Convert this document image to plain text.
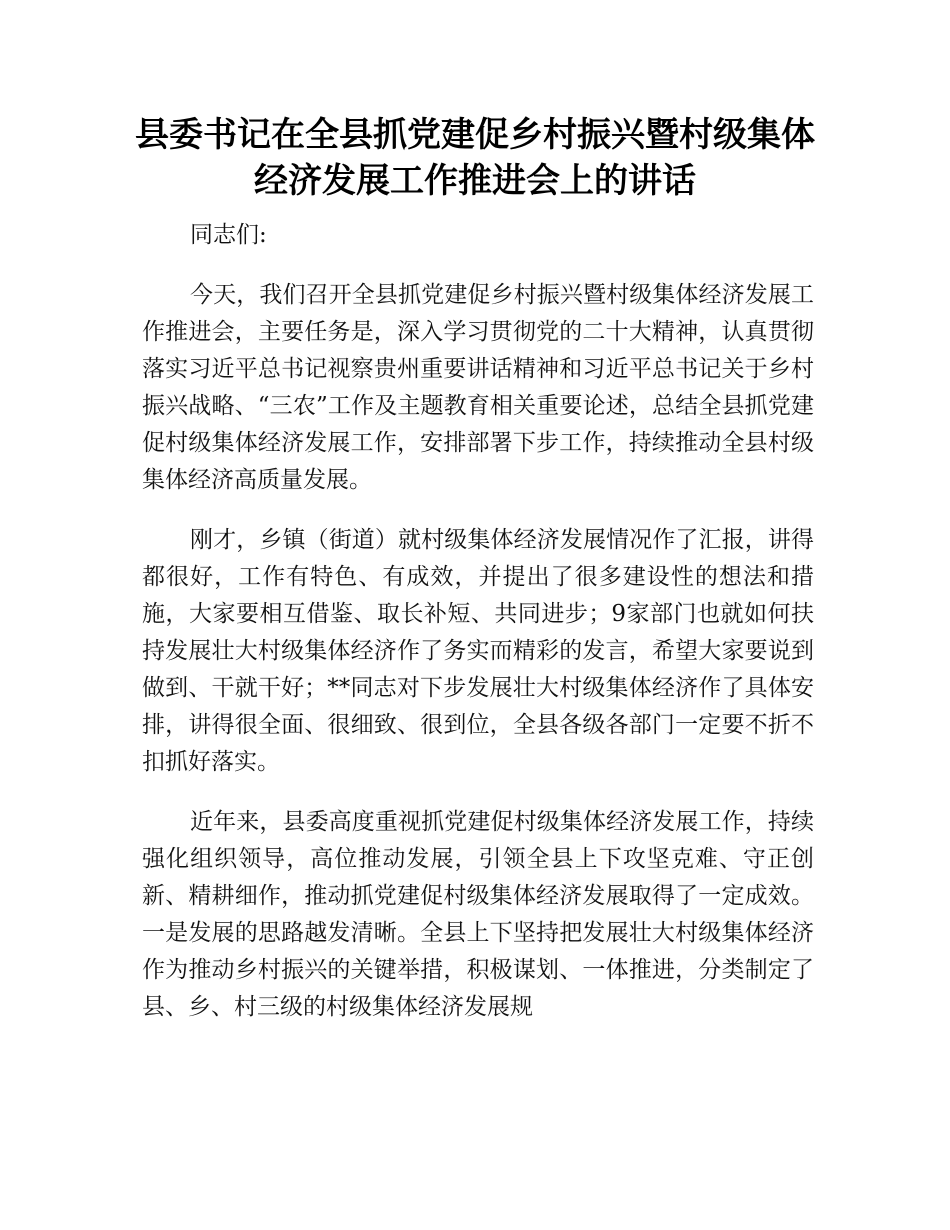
县委书记在全县抓党建促乡村振兴暨村级集体
经济发展工作推进会上的讲话

同志们:

今天，我们召开全县抓党建促乡村振兴暨村级集体经济发展工作推进会，主要任务是，深入学习贯彻党的二十大精神，认真贯彻落实习近平总书记视察贵州重要讲话精神和习近平总书记关于乡村振兴战略、“三农”工作及主题教育相关重要论述，总结全县抓党建促村级集体经济发展工作，安排部署下步工作，持续推动全县村级集体经济高质量发展。

刚才，乡镇（街道）就村级集体经济发展情况作了汇报，讲得都很好，工作有特色、有成效，并提出了很多建设性的想法和措施，大家要相互借鉴、取长补短、共同进步；9家部门也就如何扶持发展壮大村级集体经济作了务实而精彩的发言，希望大家要说到做到、干就干好；**同志对下步发展壮大村级集体经济作了具体安排，讲得很全面、很细致、很到位，全县各级各部门一定要不折不扣抓好落实。

近年来，县委高度重视抓党建促村级集体经济发展工作，持续强化组织领导，高位推动发展，引领全县上下攻坚克难、守正创新、精耕细作，推动抓党建促村级集体经济发展取得了一定成效。一是发展的思路越发清晰。全县上下坚持把发展壮大村级集体经济作为推动乡村振兴的关键举措，积极谋划、一体推进，分类制定了县、乡、村三级的村级集体经济发展规
